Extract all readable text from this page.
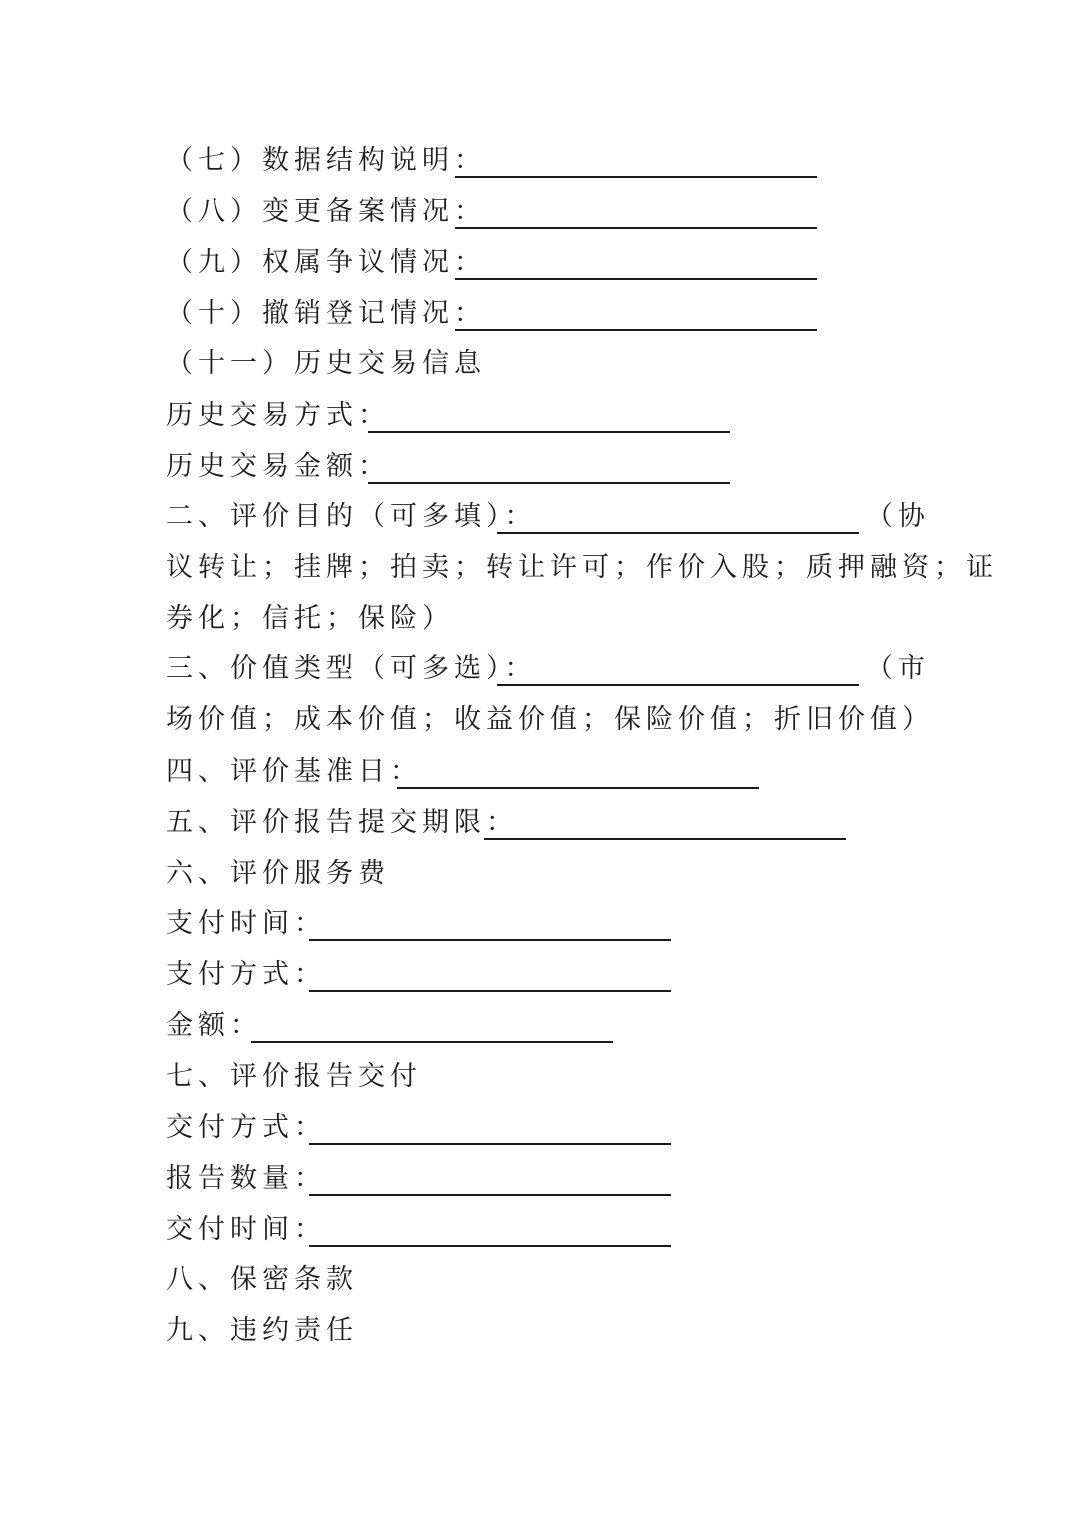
（七）数据结构说明：
（八）变更备案情况：
（九）权属争议情况：
（十）撤销登记情况：
（十一）历史交易信息
历史交易方式：
历史交易金额：
二、评价目的（可多填）：	（协
议转让；挂牌；拍卖；转让许可；作价入股；质押融资；证
券化；信托；保险）
三、价值类型（可多选）：	（市
场价值；成本价值；收益价值；保险价值；折旧价值）
四、评价基准日：
五、评价报告提交期限：
六、评价服务费
支付时间：
支付方式：
金额：
七、评价报告交付
交付方式：
报告数量：
交付时间：
八、保密条款
九、违约责任
